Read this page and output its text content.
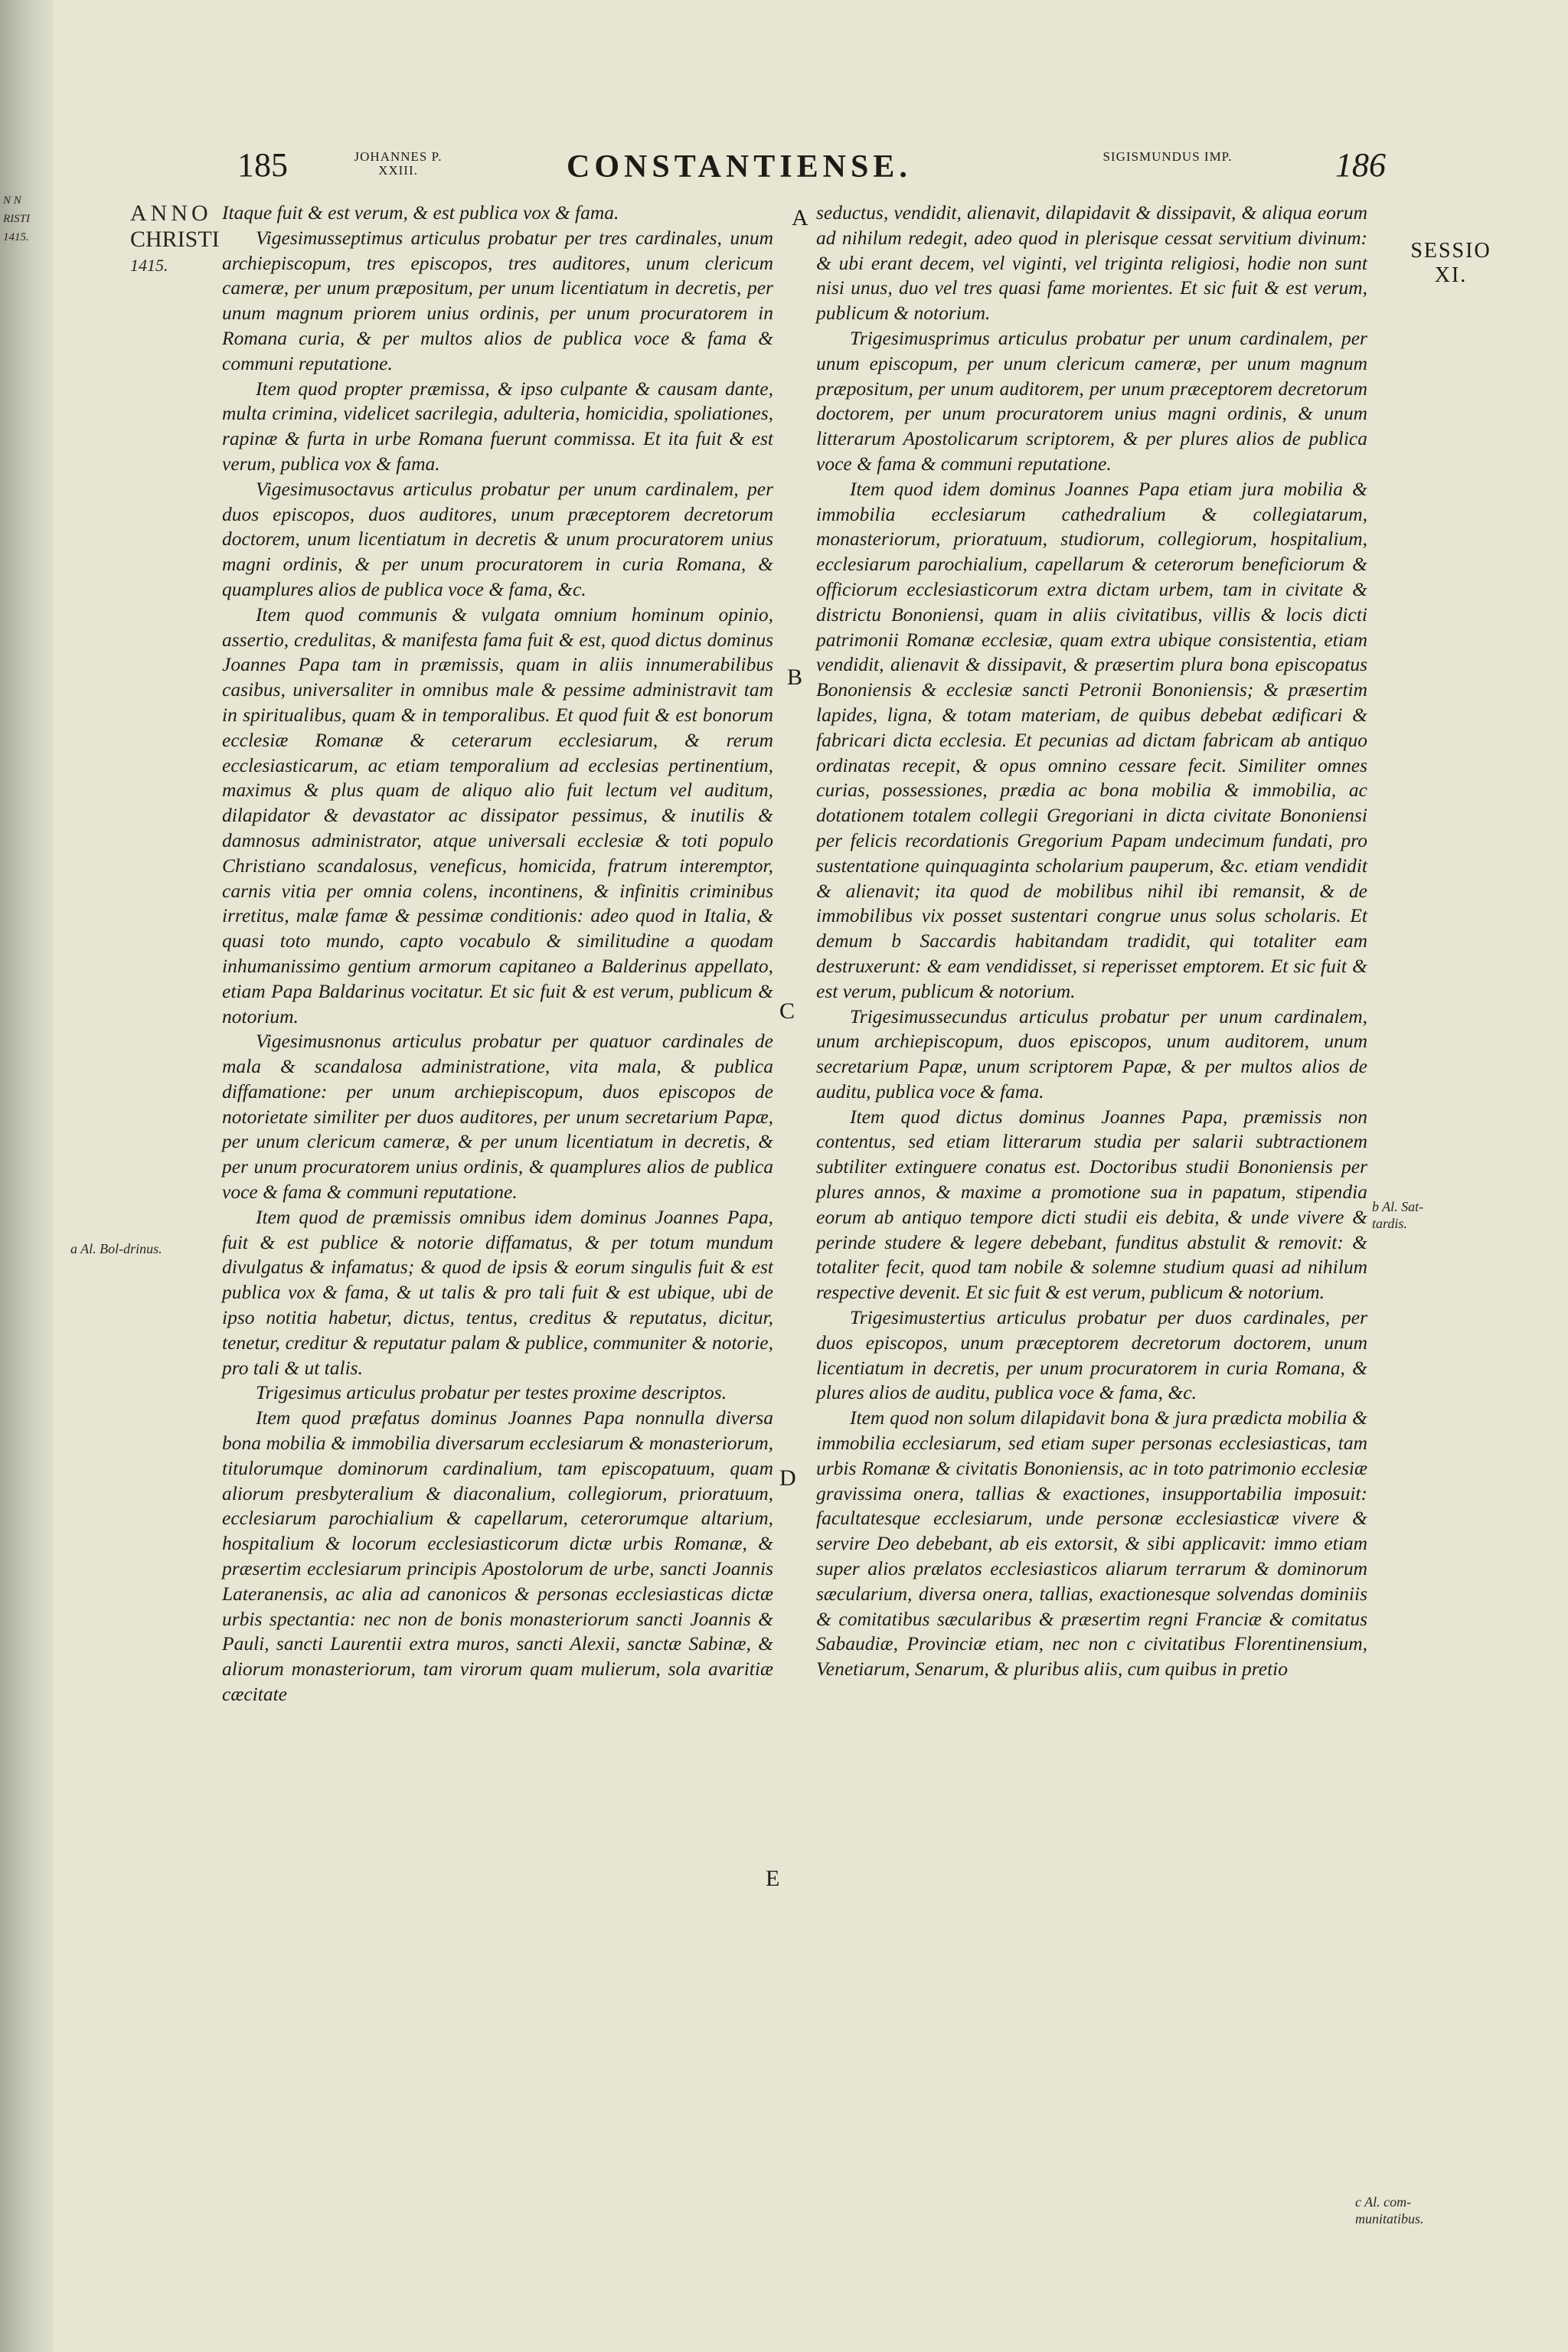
N N RISTI 1415.
185	JOHANNES P. XXIII.	CONSTANTIENSE.	SIGISMUNDUS IMP.	186
ANNO
CHRISTI
1415.
SESSIO
XI.
a Al. Bol-drinus.
b Al. Sat-tardis.
c Al. com-munitatibus.
A
B
C
D
E

Itaque fuit & est verum, & est publica vox & fama.

Vigesimusseptimus articulus probatur per tres cardinales, unum archiepiscopum, tres episcopos, tres auditores, unum clericum cameræ, per unum præpositum, per unum licentiatum in decretis, per unum magnum priorem unius ordinis, per unum procuratorem in Romana curia, & per multos alios de publica voce & fama & communi reputatione.

Item quod propter præmissa, & ipso culpante & causam dante, multa crimina, videlicet sacrilegia, adulteria, homicidia, spoliationes, rapinæ & furta in urbe Romana fuerunt commissa. Et ita fuit & est verum, publica vox & fama.

Vigesimusoctavus articulus probatur per unum cardinalem, per duos episcopos, duos auditores, unum præceptorem decretorum doctorem, unum licentiatum in decretis & unum procuratorem unius magni ordinis, & per unum procuratorem in curia Romana, & quamplures alios de publica voce & fama, &c.

Item quod communis & vulgata omnium hominum opinio, assertio, credulitas, & manifesta fama fuit & est, quod dictus dominus Joannes Papa tam in præmissis, quam in aliis innumerabilibus casibus, universaliter in omnibus male & pessime administravit tam in spiritualibus, quam & in temporalibus. Et quod fuit & est bonorum ecclesiæ Romanæ & ceterarum ecclesiarum, & rerum ecclesiasticarum, ac etiam temporalium ad ecclesias pertinentium, maximus & plus quam de aliquo alio fuit lectum vel auditum, dilapidator & devastator ac dissipator pessimus, & inutilis & damnosus administrator, atque universali ecclesiæ & toti populo Christiano scandalosus, veneficus, homicida, fratrum interemptor, carnis vitia per omnia colens, incontinens, & infinitis criminibus irretitus, malæ famæ & pessimæ conditionis: adeo quod in Italia, & quasi toto mundo, capto vocabulo & similitudine a quodam inhumanissimo gentium armorum capitaneo a Balderinus appellato, etiam Papa Baldarinus vocitatur. Et sic fuit & est verum, publicum & notorium.

Vigesimusnonus articulus probatur per quatuor cardinales de mala & scandalosa administratione, vita mala, & publica diffamatione: per unum archiepiscopum, duos episcopos de notorietate similiter per duos auditores, per unum secretarium Papæ, per unum clericum cameræ, & per unum licentiatum in decretis, & per unum procuratorem unius ordinis, & quamplures alios de publica voce & fama & communi reputatione.

Item quod de præmissis omnibus idem dominus Joannes Papa, fuit & est publice & notorie diffamatus, & per totum mundum divulgatus & infamatus; & quod de ipsis & eorum singulis fuit & est publica vox & fama, & ut talis & pro tali fuit & est ubique, ubi de ipso notitia habetur, dictus, tentus, creditus & reputatus, dicitur, tenetur, creditur & reputatur palam & publice, communiter & notorie, pro tali & ut talis.

Trigesimus articulus probatur per testes proxime descriptos.

Item quod præfatus dominus Joannes Papa nonnulla diversa bona mobilia & immobilia diversarum ecclesiarum & monasteriorum, titulorumque dominorum cardinalium, tam episcopatuum, quam aliorum presbyteralium & diaconalium, collegiorum, prioratuum, ecclesiarum parochialium & capellarum, ceterorumque altarium, hospitalium & locorum ecclesiasticorum dictæ urbis Romanæ, & præsertim ecclesiarum principis Apostolorum de urbe, sancti Joannis Lateranensis, ac alia ad canonicos & personas ecclesiasticas dictæ urbis spectantia: nec non de bonis monasteriorum sancti Joannis & Pauli, sancti Laurentii extra muros, sancti Alexii, sanctæ Sabinæ, & aliorum monasteriorum, tam virorum quam mulierum, sola avaritiæ cæcitate

seductus, vendidit, alienavit, dilapidavit & dissipavit, & aliqua eorum ad nihilum redegit, adeo quod in plerisque cessat servitium divinum: & ubi erant decem, vel viginti, vel triginta religiosi, hodie non sunt nisi unus, duo vel tres quasi fame morientes. Et sic fuit & est verum, publicum & notorium.

Trigesimusprimus articulus probatur per unum cardinalem, per unum episcopum, per unum clericum cameræ, per unum magnum præpositum, per unum auditorem, per unum præceptorem decretorum doctorem, per unum procuratorem unius magni ordinis, & unum litterarum Apostolicarum scriptorem, & per plures alios de publica voce & fama & communi reputatione.

Item quod idem dominus Joannes Papa etiam jura mobilia & immobilia ecclesiarum cathedralium & collegiatarum, monasteriorum, prioratuum, studiorum, collegiorum, hospitalium, ecclesiarum parochialium, capellarum & ceterorum beneficiorum & officiorum ecclesiasticorum extra dictam urbem, tam in civitate & districtu Bononiensi, quam in aliis civitatibus, villis & locis dicti patrimonii Romanæ ecclesiæ, quam extra ubique consistentia, etiam vendidit, alienavit & dissipavit, & præsertim plura bona episcopatus Bononiensis & ecclesiæ sancti Petronii Bononiensis; & præsertim lapides, ligna, & totam materiam, de quibus debebat ædificari & fabricari dicta ecclesia. Et pecunias ad dictam fabricam ab antiquo ordinatas recepit, & opus omnino cessare fecit. Similiter omnes curias, possessiones, prædia ac bona mobilia & immobilia, ac dotationem totalem collegii Gregoriani in dicta civitate Bononiensi per felicis recordationis Gregorium Papam undecimum fundati, pro sustentatione quinquaginta scholarium pauperum, &c. etiam vendidit & alienavit; ita quod de mobilibus nihil ibi remansit, & de immobilibus vix posset sustentari congrue unus solus scholaris. Et demum b Saccardis habitandam tradidit, qui totaliter eam destruxerunt: & eam vendidisset, si reperisset emptorem. Et sic fuit & est verum, publicum & notorium.

Trigesimussecundus articulus probatur per unum cardinalem, unum archiepiscopum, duos episcopos, unum auditorem, unum secretarium Papæ, unum scriptorem Papæ, & per multos alios de auditu, publica voce & fama.

Item quod dictus dominus Joannes Papa, præmissis non contentus, sed etiam litterarum studia per salarii subtractionem subtiliter extinguere conatus est. Doctoribus studii Bononiensis per plures annos, & maxime a promotione sua in papatum, stipendia eorum ab antiquo tempore dicti studii eis debita, & unde vivere & perinde studere & legere debebant, funditus abstulit & removit: & totaliter fecit, quod tam nobile & solemne studium quasi ad nihilum respective devenit. Et sic fuit & est verum, publicum & notorium.

Trigesimustertius articulus probatur per duos cardinales, per duos episcopos, unum præceptorem decretorum doctorem, unum licentiatum in decretis, per unum procuratorem in curia Romana, & plures alios de auditu, publica voce & fama, &c.

Item quod non solum dilapidavit bona & jura prædicta mobilia & immobilia ecclesiarum, sed etiam super personas ecclesiasticas, tam urbis Romanæ & civitatis Bononiensis, ac in toto patrimonio ecclesiæ gravissima onera, tallias & exactiones, insupportabilia imposuit: facultatesque ecclesiarum, unde personæ ecclesiasticæ vivere & servire Deo debebant, ab eis extorsit, & sibi applicavit: immo etiam super alios prælatos ecclesiasticos aliarum terrarum & dominorum sæcularium, diversa onera, tallias, exactionesque solvendas dominiis & comitatibus sæcularibus & præsertim regni Franciæ & comitatus Sabaudiæ, Provinciæ etiam, nec non c civitatibus Florentinensium, Venetiarum, Senarum, & pluribus aliis, cum quibus in pretio
